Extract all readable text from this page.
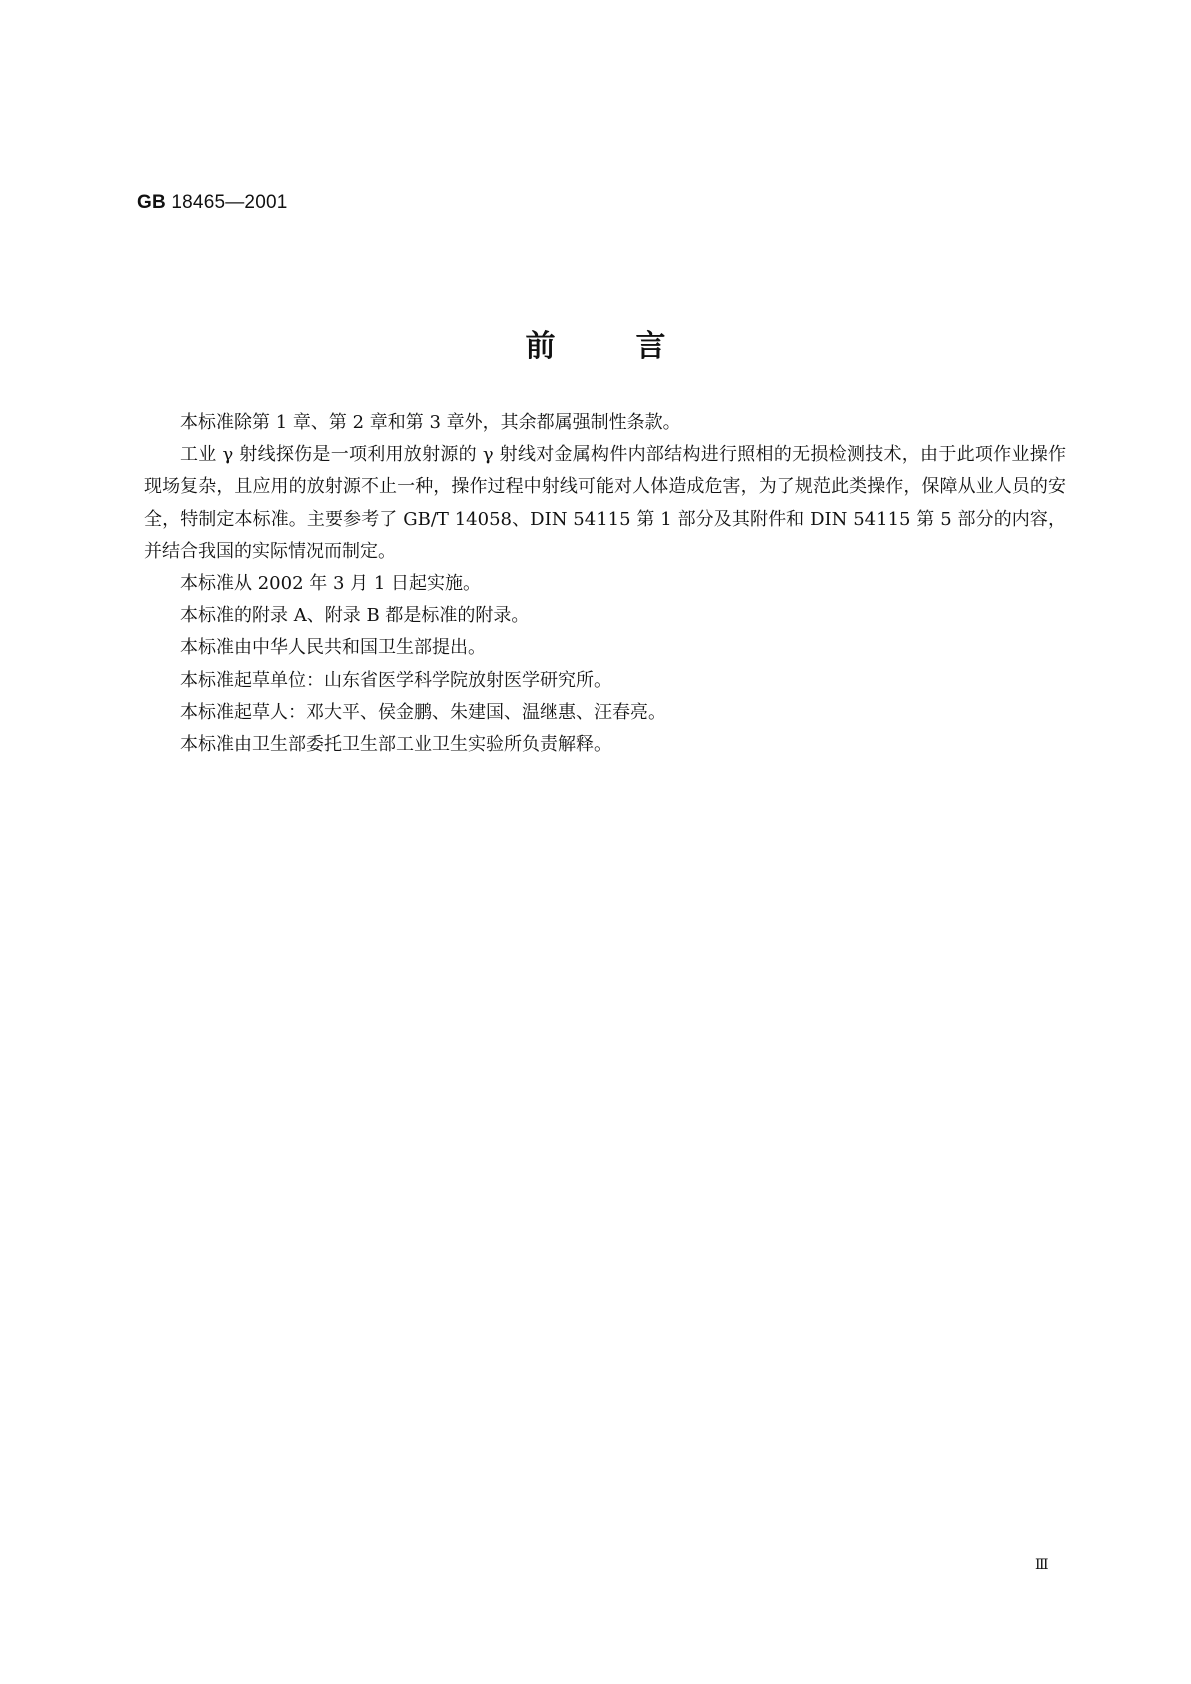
GB 18465—2001
前言

本标准除第 1 章、第 2 章和第 3 章外，其余都属强制性条款。

工业 γ 射线探伤是一项利用放射源的 γ 射线对金属构件内部结构进行照相的无损检测技术，由于此项作业操作现场复杂，且应用的放射源不止一种，操作过程中射线可能对人体造成危害，为了规范此类操作，保障从业人员的安全，特制定本标准。主要参考了 GB/T 14058、DIN 54115 第 1 部分及其附件和 DIN 54115 第 5 部分的内容，并结合我国的实际情况而制定。

本标准从 2002 年 3 月 1 日起实施。

本标准的附录 A、附录 B 都是标准的附录。

本标准由中华人民共和国卫生部提出。

本标准起草单位：山东省医学科学院放射医学研究所。

本标准起草人：邓大平、侯金鹏、朱建国、温继惠、汪春亮。

本标准由卫生部委托卫生部工业卫生实验所负责解释。

Ⅲ
